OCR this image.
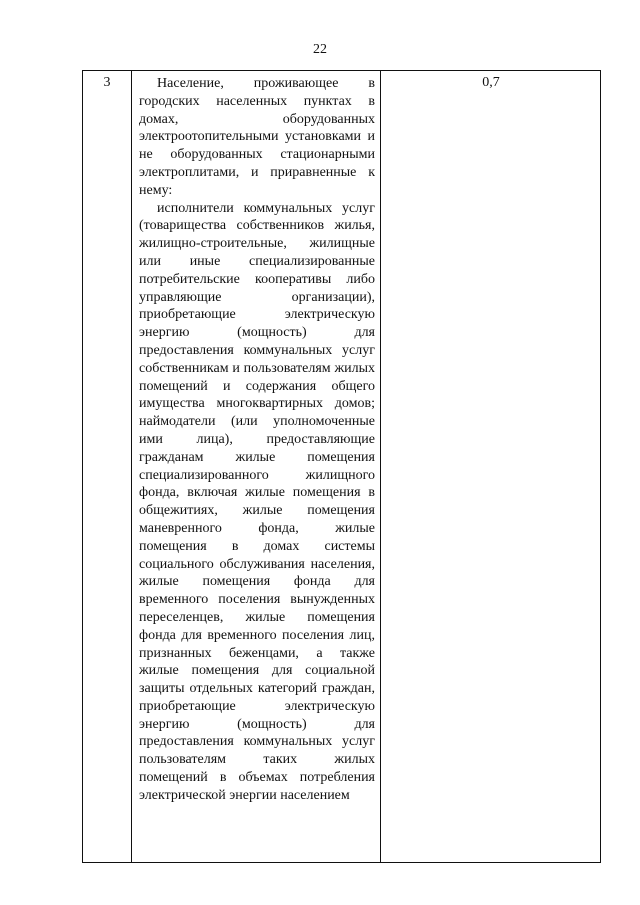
22
3	Население, проживающее в городских населенных пунктах в домах, оборудованных электроотопительными установками и не оборудованных стационарными электроплитами, и приравненные к нему:

исполнители коммунальных услуг (товарищества собственников жилья, жилищно-строительные, жилищные или иные специализированные потребительские кооперативы либо управляющие организации), приобретающие электрическую энергию (мощность) для предоставления коммунальных услуг собственникам и пользователям жилых помещений и содержания общего имущества многоквартирных домов; наймодатели (или уполномоченные ими лица), предоставляющие гражданам жилые помещения специализированного жилищного фонда, включая жилые помещения в общежитиях, жилые помещения маневренного фонда, жилые помещения в домах системы социального обслуживания населения, жилые помещения фонда для временного поселения вынужденных переселенцев, жилые помещения фонда для временного поселения лиц, признанных беженцами, а также жилые помещения для социальной защиты отдельных категорий граждан, приобретающие электрическую энергию (мощность) для предоставления коммунальных услуг пользователям таких жилых помещений в объемах потребления электрической энергии населением

0,7
